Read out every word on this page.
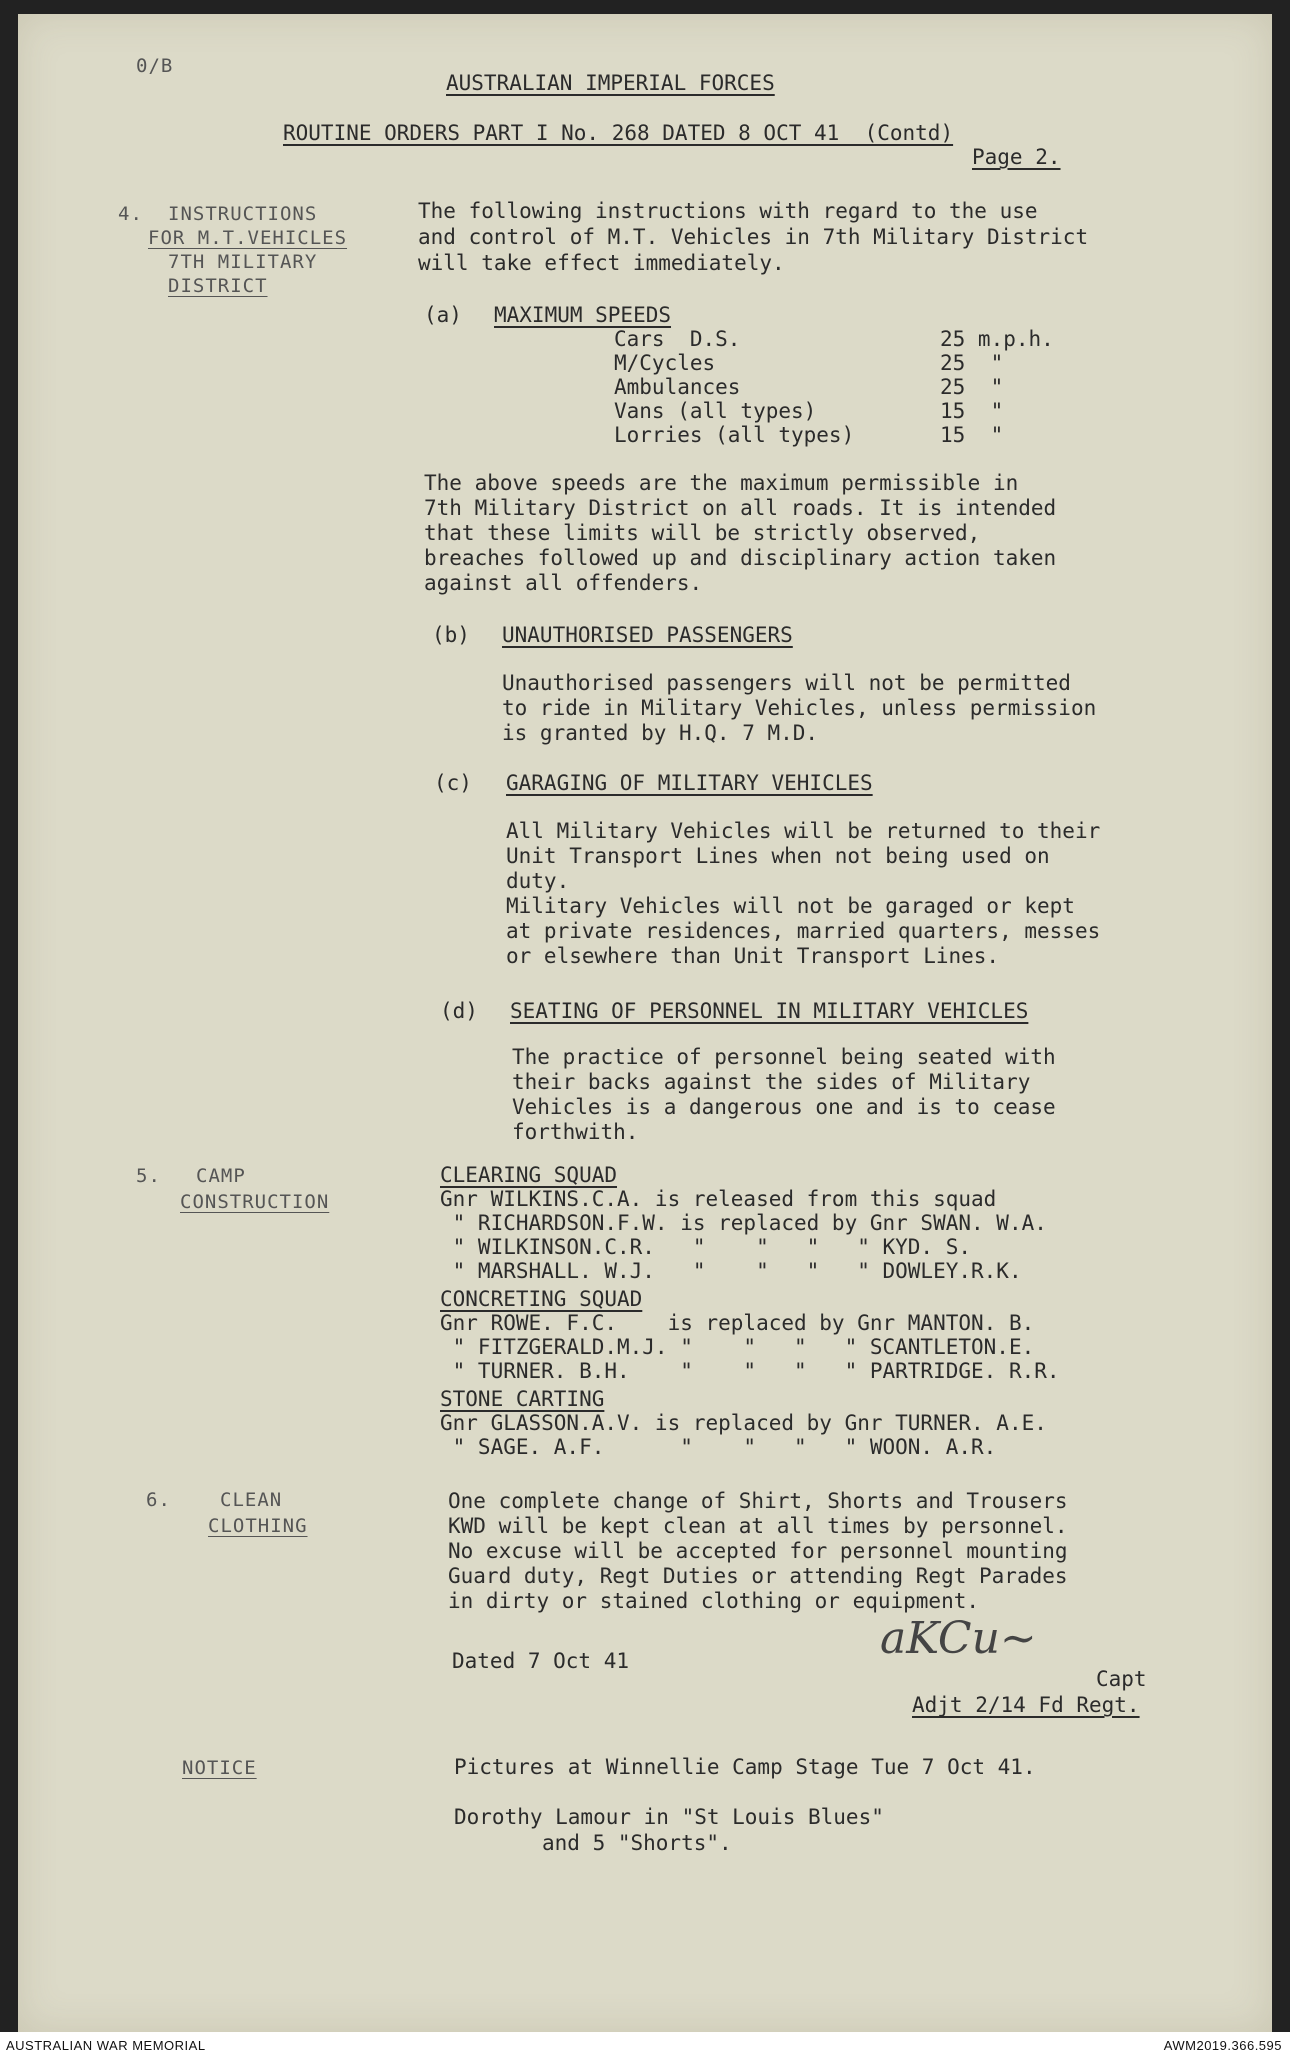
0/B
AUSTRALIAN IMPERIAL FORCES
ROUTINE ORDERS PART I No. 268 DATED 8 OCT 41  (Contd)
Page 2.
4. INSTRUCTIONS
FOR M.T.VEHICLES
7TH MILITARY
DISTRICT
The following instructions with regard to the use
and control of M.T. Vehicles in 7th Military District
will take effect immediately.
(a) MAXIMUM SPEEDS
Cars  D.S.	25 m.p.h.
M/Cycles	25  "
Ambulances	25  "
Vans (all types)	15  "
Lorries (all types)	15  "
The above speeds are the maximum permissible in
7th Military District on all roads. It is intended
that these limits will be strictly observed,
breaches followed up and disciplinary action taken
against all offenders.
(b) UNAUTHORISED PASSENGERS
Unauthorised passengers will not be permitted
to ride in Military Vehicles, unless permission
is granted by H.Q. 7 M.D.
(c) GARAGING OF MILITARY VEHICLES
All Military Vehicles will be returned to their
Unit Transport Lines when not being used on
duty.
Military Vehicles will not be garaged or kept
at private residences, married quarters, messes
or elsewhere than Unit Transport Lines.
(d) SEATING OF PERSONNEL IN MILITARY VEHICLES
The practice of personnel being seated with
their backs against the sides of Military
Vehicles is a dangerous one and is to cease
forthwith.
5. CAMP
CONSTRUCTION
CLEARING SQUAD
Gnr WILKINS.C.A. is released from this squad
" RICHARDSON.F.W. is replaced by Gnr SWAN. W.A.
" WILKINSON.C.R.   "    "   "   " KYD. S.
" MARSHALL. W.J.   "    "   "   " DOWLEY.R.K.
CONCRETING SQUAD
Gnr ROWE. F.C.    is replaced by Gnr MANTON. B.
" FITZGERALD.M.J. "    "   "   " SCANTLETON.E.
" TURNER. B.H.    "    "   "   " PARTRIDGE. R.R.
STONE CARTING
Gnr GLASSON.A.V. is replaced by Gnr TURNER. A.E.
" SAGE. A.F.      "    "   "   " WOON. A.R.
6.	CLEAN
CLOTHING
One complete change of Shirt, Shorts and Trousers
KWD will be kept clean at all times by personnel.
No excuse will be accepted for personnel mounting
Guard duty, Regt Duties or attending Regt Parades
in dirty or stained clothing or equipment.
Dated 7 Oct 41	aKCu~
Capt
Adjt 2/14 Fd Regt.
NOTICE	Pictures at Winnellie Camp Stage Tue 7 Oct 41.
Dorothy Lamour in "St Louis Blues"
and 5 "Shorts".
AUSTRALIAN WAR MEMORIAL	AWM2019.366.595
